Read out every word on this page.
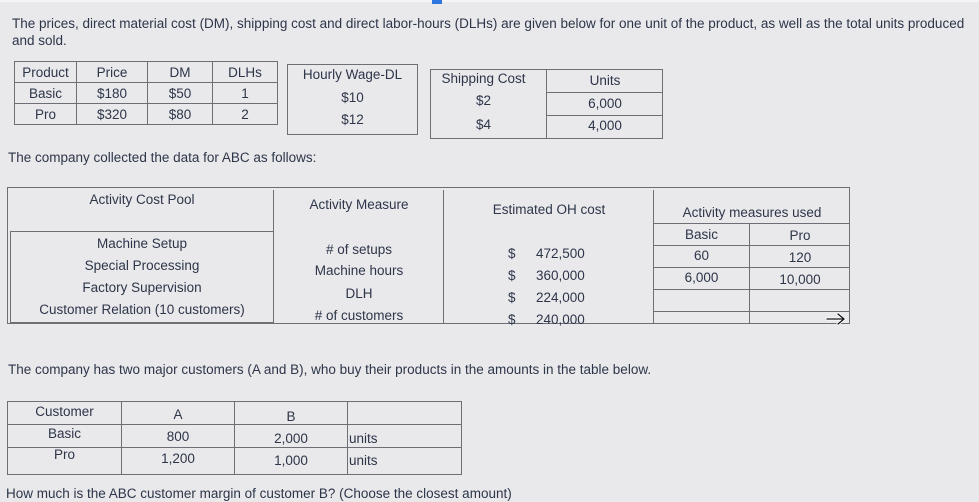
The prices, direct material cost (DM), shipping cost and direct labor-hours (DLHs) are given below for one unit of the product, as well as the total units produced and sold.
Product	Price	DM	DLHs
Basic	$180	$50	1
Pro	$320	$80	2
Hourly Wage-DL
$10
$12
Shipping Cost
$2
$4
Units
6,000
4,000
The company collected the data for ABC as follows:
Activity Cost Pool	Activity Measure	Estimated OH cost	Activity measures used
Basic	Pro
Machine Setup	# of setups	$ 472,500	60	120
Special Processing	Machine hours	$ 360,000	6,000	10,000
Factory Supervision	DLH	$ 224,000
Customer Relation (10 customers)	# of customers	$ 240,000
The company has two major customers (A and B), who buy their products in the amounts in the table below.
Customer	A	B
Basic	800	2,000	units
Pro	1,200	1,000	units
How much is the ABC customer margin of customer B? (Choose the closest amount)
